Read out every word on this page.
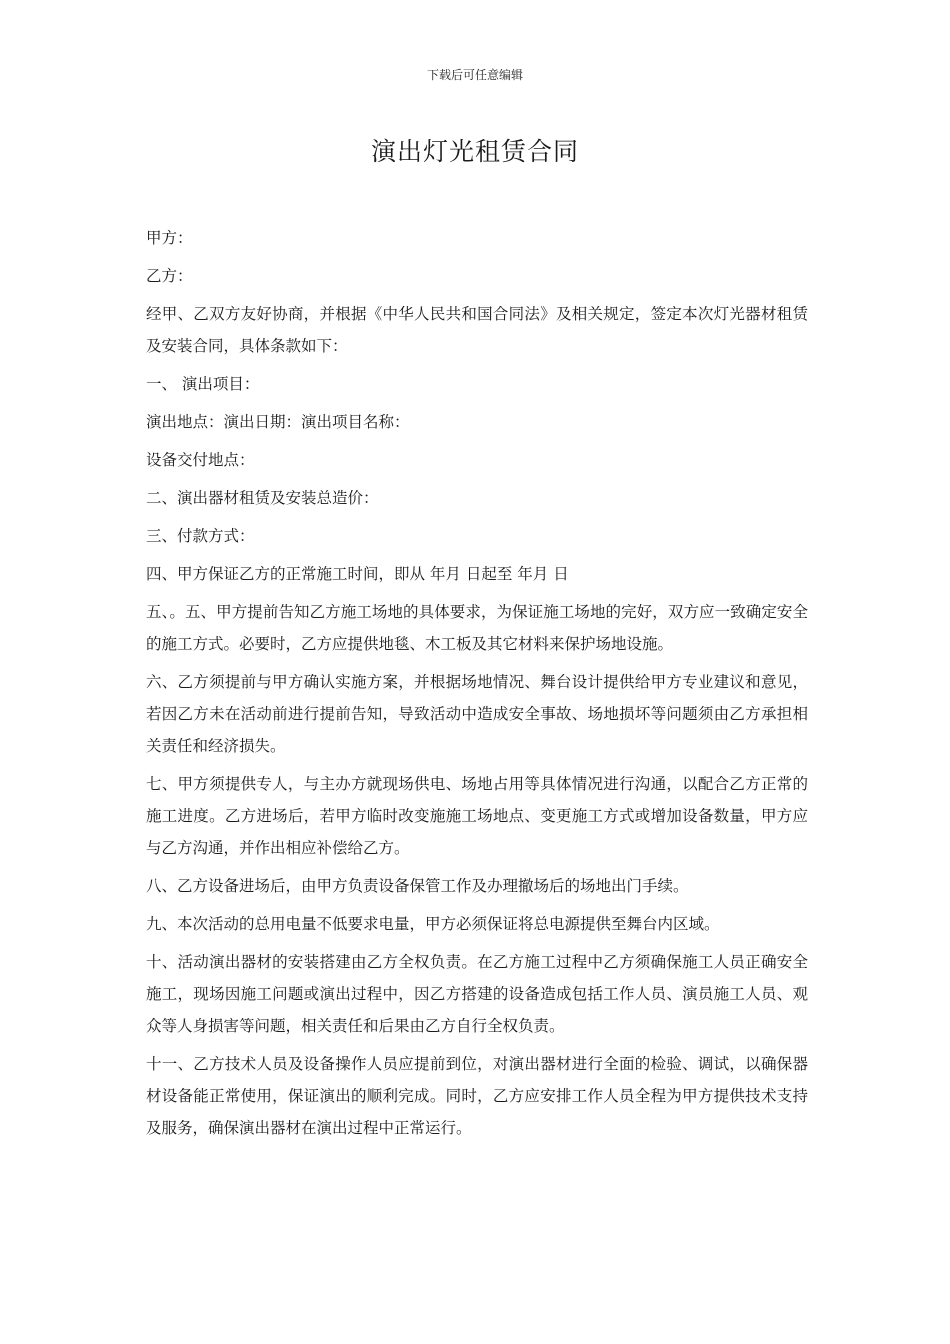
下载后可任意编辑
演出灯光租赁合同

甲方：

乙方：

经甲、乙双方友好协商，并根据《中华人民共和国合同法》及相关规定，签定本次灯光器材租赁及安装合同，具体条款如下：

一、 演出项目：

演出地点：演出日期：演出项目名称：

设备交付地点：

二、演出器材租赁及安装总造价：

三、付款方式：

四、甲方保证乙方的正常施工时间，即从 年月 日起至 年月 日

五、。五、甲方提前告知乙方施工场地的具体要求，为保证施工场地的完好，双方应一致确定安全的施工方式。必要时，乙方应提供地毯、木工板及其它材料来保护场地设施。

六、乙方须提前与甲方确认实施方案，并根据场地情况、舞台设计提供给甲方专业建议和意见，若因乙方未在活动前进行提前告知，导致活动中造成安全事故、场地损坏等问题须由乙方承担相关责任和经济损失。

七、甲方须提供专人，与主办方就现场供电、场地占用等具体情况进行沟通，以配合乙方正常的施工进度。乙方进场后，若甲方临时改变施施工场地点、变更施工方式或增加设备数量，甲方应与乙方沟通，并作出相应补偿给乙方。

八、乙方设备进场后，由甲方负责设备保管工作及办理撤场后的场地出门手续。

九、本次活动的总用电量不低要求电量，甲方必须保证将总电源提供至舞台内区域。

十、活动演出器材的安装搭建由乙方全权负责。在乙方施工过程中乙方须确保施工人员正确安全施工，现场因施工问题或演出过程中，因乙方搭建的设备造成包括工作人员、演员施工人员、观众等人身损害等问题，相关责任和后果由乙方自行全权负责。

十一、乙方技术人员及设备操作人员应提前到位，对演出器材进行全面的检验、调试，以确保器材设备能正常使用，保证演出的顺利完成。同时，乙方应安排工作人员全程为甲方提供技术支持及服务，确保演出器材在演出过程中正常运行。
